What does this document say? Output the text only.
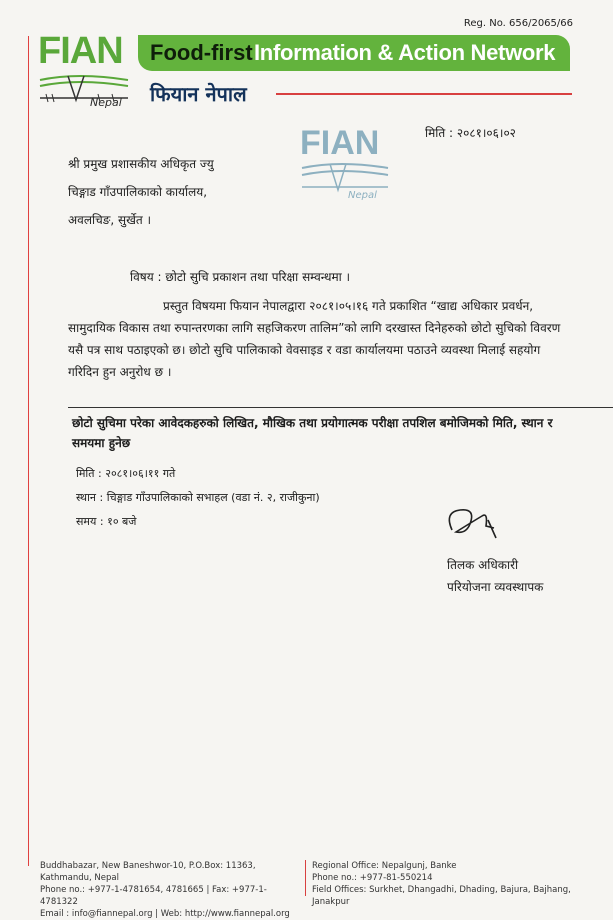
Reg. No. 656/2065/66
FIAN
Nepal
Food-first Information & Action Network
फियान नेपाल
मिति : २०८१।०६।०२
FIAN
Nepal
श्री प्रमुख प्रशासकीय अधिकृत ज्यु
चिङ्गाड गाँउपालिकाको कार्यालय,
अवलचिङ, सुर्खेत ।
विषय : छोटो सुचि प्रकाशन तथा परिक्षा सम्वन्धमा ।
प्रस्तुत विषयमा फियान नेपालद्वारा २०८१।०५।१६ गते प्रकाशित “खाद्य अधिकार प्रवर्धन, सामुदायिक विकास तथा रुपान्तरणका लागि सहजिकरण तालिम”को लागि दरखास्त दिनेहरुको छोटो सुचिको विवरण यसै पत्र साथ पठाइएको छ। छोटो सुचि पालिकाको वेवसाइड र वडा कार्यालयमा पठाउने व्यवस्था मिलाई सहयोग गरिदिन हुन अनुरोध छ ।
छोटो सुचिमा परेका आवेदकहरुको लिखित, मौखिक तथा प्रयोगात्मक परीक्षा तपशिल बमोजिमको मिति, स्थान र समयमा हुनेछ
मिति : २०८१।०६।११ गते
स्थान : चिङ्गाड गाँउपालिकाको सभाहल (वडा नं. २, राजीकुना)
समय : १० बजे
तिलक अधिकारी
परियोजना व्यवस्थापक
Buddhabazar, New Baneshwor-10, P.O.Box: 11363, Kathmandu, Nepal
Phone no.: +977-1-4781654, 4781665 | Fax: +977-1-4781322
Email : info@fiannepal.org | Web: http://www.fiannepal.org
Regional Office: Nepalgunj, Banke
Phone no.: +977-81-550214
Field Offices: Surkhet, Dhangadhi, Dhading, Bajura, Bajhang, Janakpur
